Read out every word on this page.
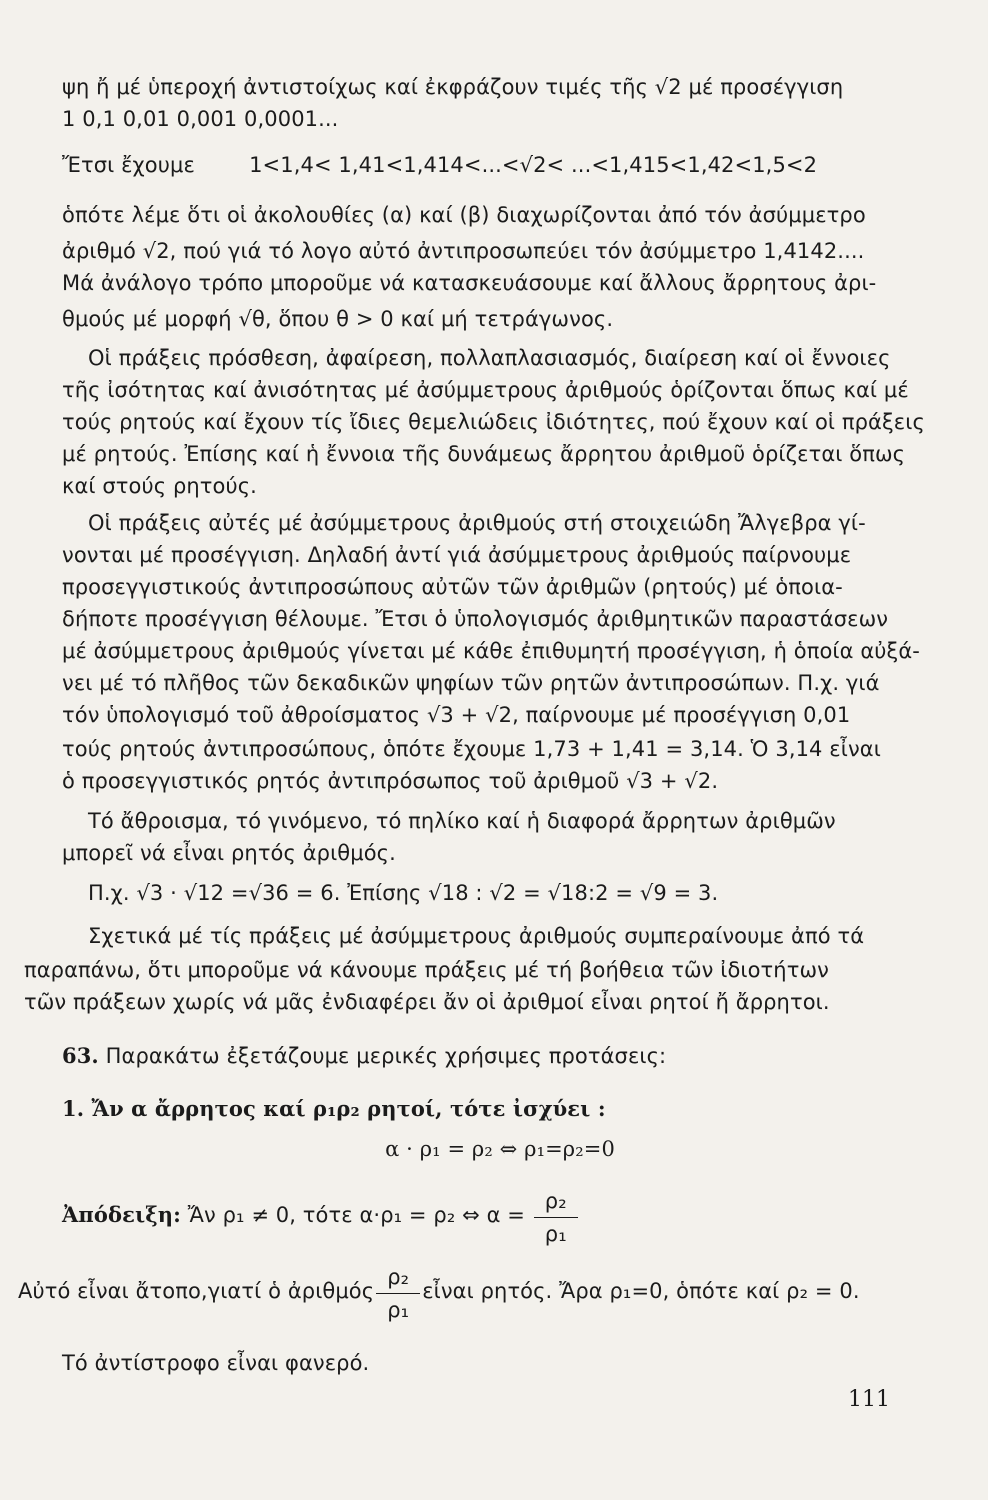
ψη ἤ μέ ὑπεροχή ἀντιστοίχως καί ἐκφράζουν τιμές τῆς √2 μέ προσέγγιση
1 0,1 0,01 0,001 0,0001...
Ἔτσι ἔχουμε        1<1,4< 1,41<1,414<...<√2< ...<1,415<1,42<1,5<2
ὁπότε λέμε ὅτι οἱ ἀκολουθίες (α) καί (β) διαχωρίζονται ἀπό τόν ἀσύμμετρο
ἀριθμό √2, πού γιά τό λογο αὐτό ἀντιπροσωπεύει τόν ἀσύμμετρο 1,4142....
Μά ἀνάλογο τρόπο μποροῦμε νά κατασκευάσουμε καί ἄλλους ἄρρητους ἀρι-
θμούς μέ μορφή √θ, ὅπου θ > 0 καί μή τετράγωνος.
Οἱ πράξεις πρόσθεση, ἀφαίρεση, πολλαπλασιασμός, διαίρεση καί οἱ ἔννοιες
τῆς ἰσότητας καί ἀνισότητας μέ ἀσύμμετρους ἀριθμούς ὁρίζονται ὅπως καί μέ
τούς ρητούς καί ἔχουν τίς ἴδιες θεμελιώδεις ἰδιότητες, πού ἔχουν καί οἱ πράξεις
μέ ρητούς. Ἐπίσης καί ἡ ἔννοια τῆς δυνάμεως ἄρρητου ἀριθμοῦ ὁρίζεται ὅπως
καί στούς ρητούς.
Οἱ πράξεις αὐτές μέ ἀσύμμετρους ἀριθμούς στή στοιχειώδη Ἄλγεβρα γί-
νονται μέ προσέγγιση. Δηλαδή ἀντί γιά ἀσύμμετρους ἀριθμούς παίρνουμε
προσεγγιστικούς ἀντιπροσώπους αὐτῶν τῶν ἀριθμῶν (ρητούς) μέ ὁποια-
δήποτε προσέγγιση θέλουμε. Ἔτσι ὁ ὑπολογισμός ἀριθμητικῶν παραστάσεων
μέ ἀσύμμετρους ἀριθμούς γίνεται μέ κάθε ἐπιθυμητή προσέγγιση, ἡ ὁποία αὐξά-
νει μέ τό πλῆθος τῶν δεκαδικῶν ψηφίων τῶν ρητῶν ἀντιπροσώπων. Π.χ. γιά
τόν ὑπολογισμό τοῦ ἀθροίσματος √3 + √2, παίρνουμε μέ προσέγγιση 0,01
τούς ρητούς ἀντιπροσώπους, ὁπότε ἔχουμε 1,73 + 1,41 = 3,14. Ὁ 3,14 εἶναι
ὁ προσεγγιστικός ρητός ἀντιπρόσωπος τοῦ ἀριθμοῦ √3 + √2.
Τό ἄθροισμα, τό γινόμενο, τό πηλίκο καί ἡ διαφορά ἄρρητων ἀριθμῶν
μπορεῖ νά εἶναι ρητός ἀριθμός.
Π.χ. √3 · √12 =√36 = 6. Ἐπίσης √18 : √2 = √18:2 = √9 = 3.
Σχετικά μέ τίς πράξεις μέ ἀσύμμετρους ἀριθμούς συμπεραίνουμε ἀπό τά
παραπάνω, ὅτι μποροῦμε νά κάνουμε πράξεις μέ τή βοήθεια τῶν ἰδιοτήτων
τῶν πράξεων χωρίς νά μᾶς ἐνδιαφέρει ἄν οἱ ἀριθμοί εἶναι ρητοί ἤ ἄρρητοι.
63. Παρακάτω ἐξετάζουμε μερικές χρήσιμες προτάσεις:
1. Ἄν α ἄρρητος καί ρ₁ρ₂ ρητοί, τότε ἰσχύει :
α · ρ₁ = ρ₂ ⇔ ρ₁=ρ₂=0
Ἀπόδειξη: Ἄν ρ₁ ≠ 0, τότε α·ρ₁ = ρ₂ ⇔ $\alpha = \frac{\text{ρ₂}}{\text{ρ₁}}$
Αὐτό εἶναι ἄτοπο,γιατί ὁ ἀριθμός $\frac{\text{ρ₂}}{\text{ρ₁}}$ εἶναι ρητός. Ἄρα ρ₁=0, ὁπότε καί ρ₂ = 0.
Τό ἀντίστροφο εἶναι φανερό.
111
